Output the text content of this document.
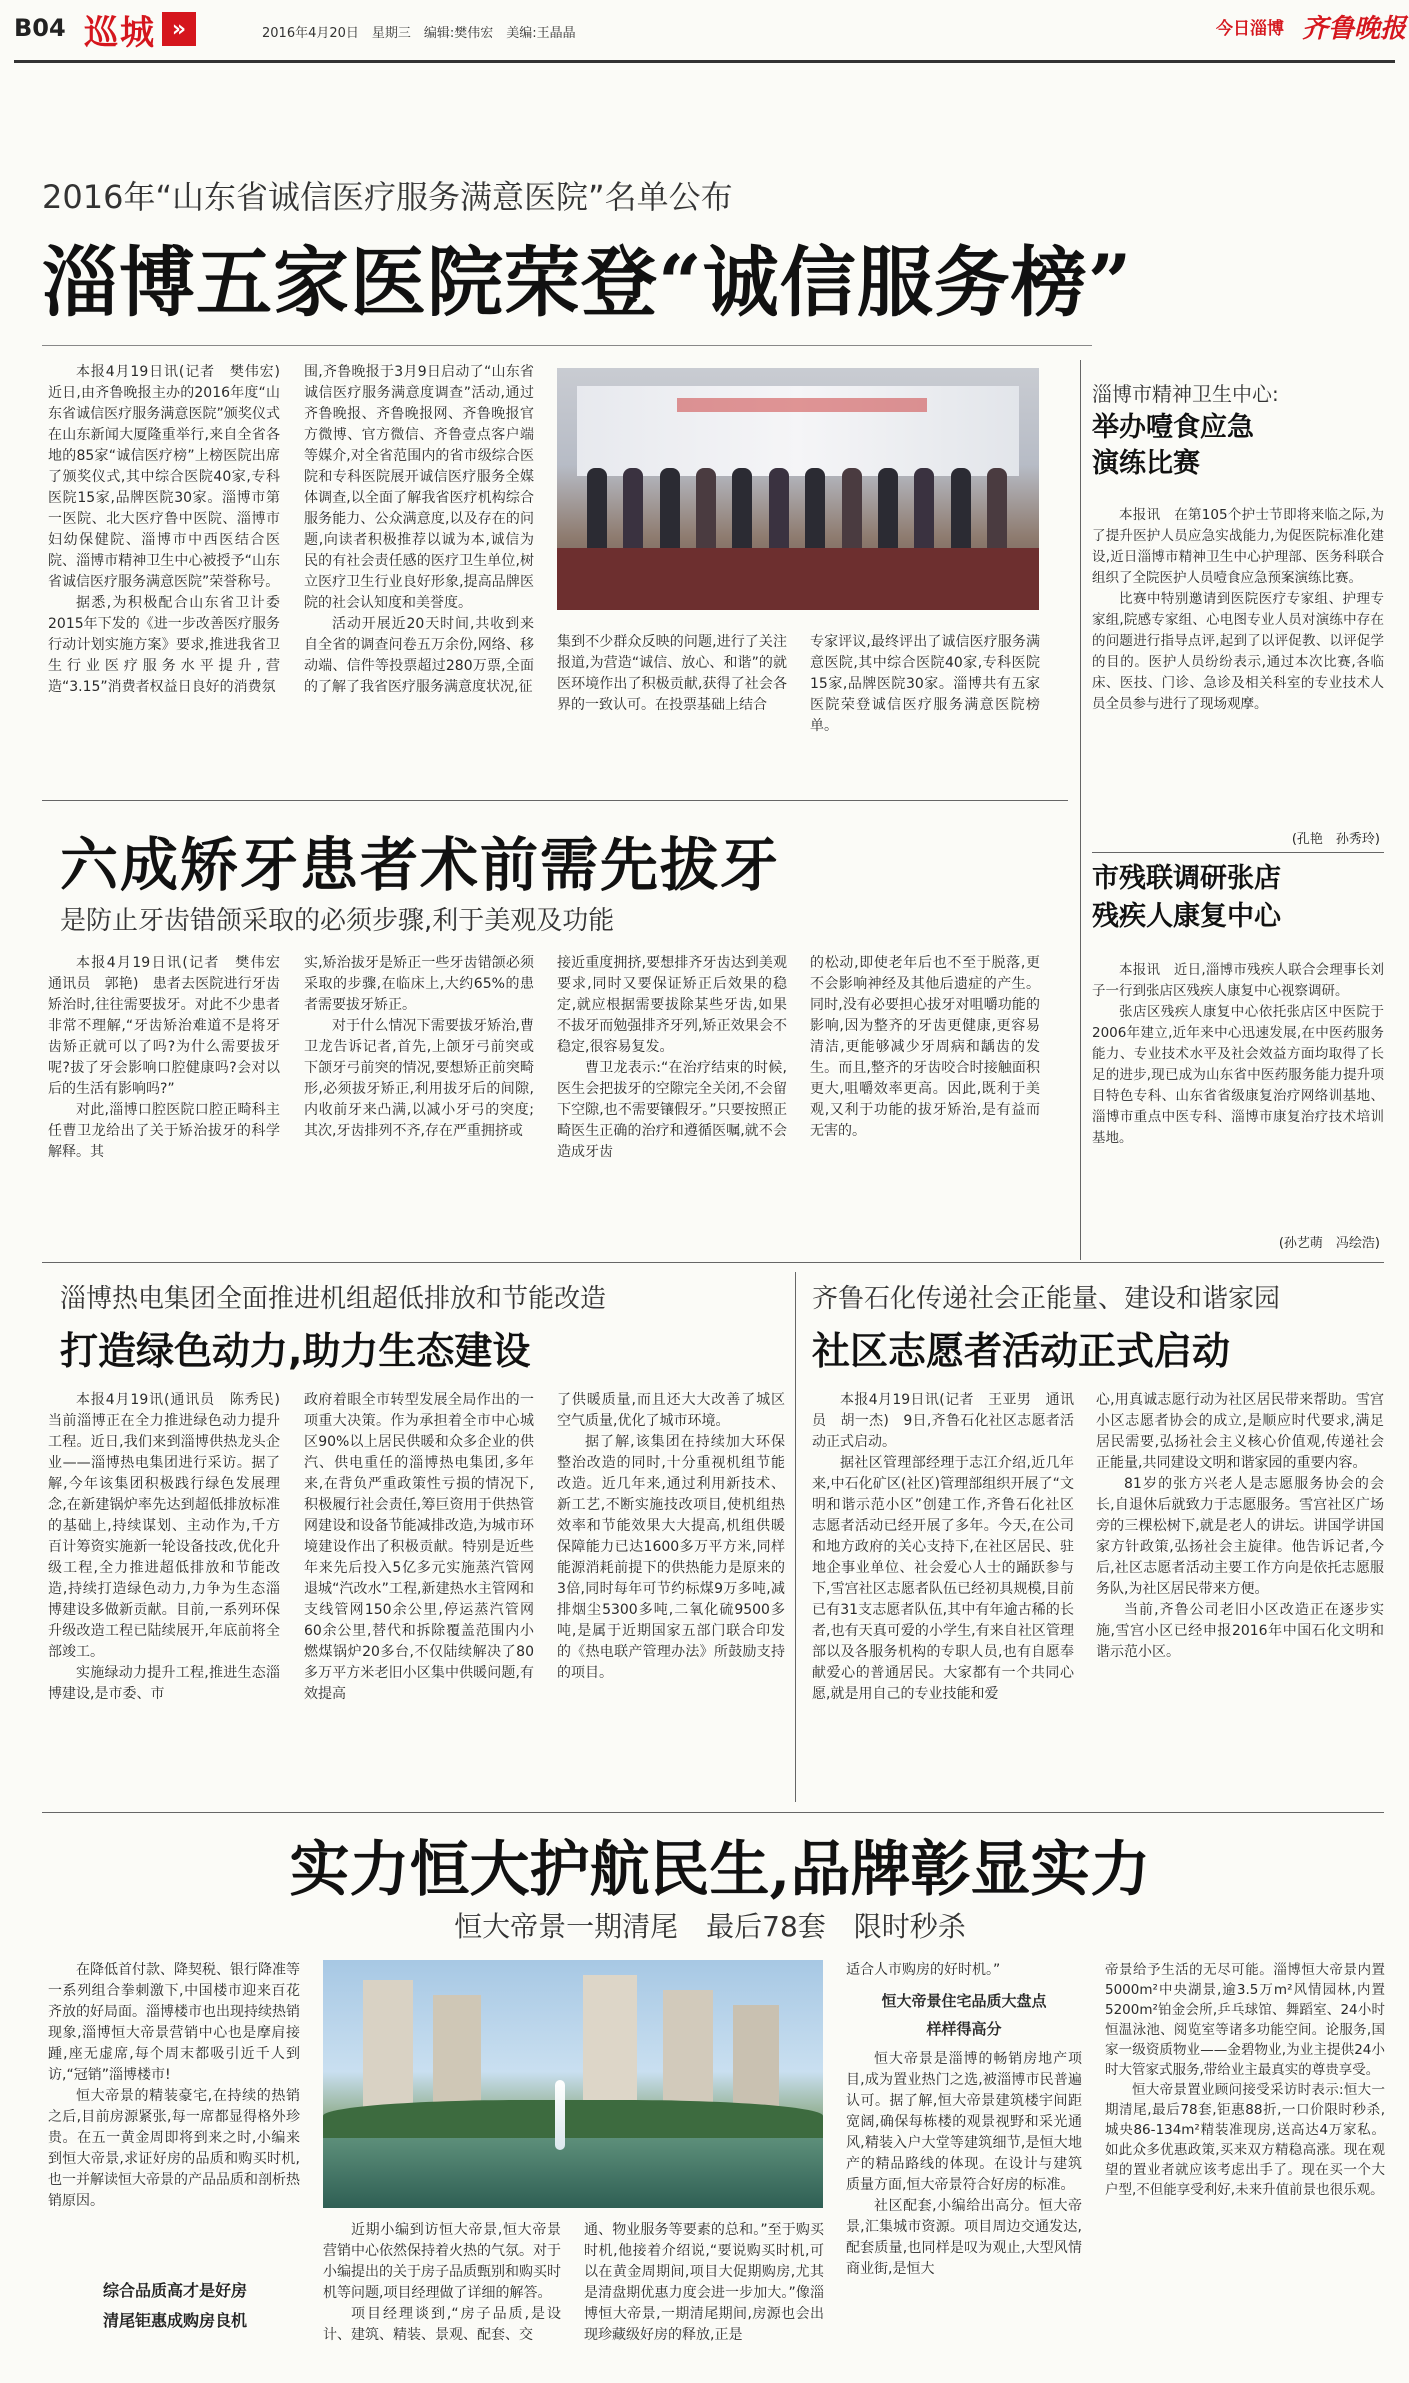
B04 巡城 »	2016年4月20日　星期三　编辑:樊伟宏　美编:王晶晶	今日淄博 齐鲁晚报
2016年“山东省诚信医疗服务满意医院”名单公布
淄博五家医院荣登“诚信服务榜”

本报4月19日讯(记者　樊伟宏)　近日,由齐鲁晚报主办的2016年度“山东省诚信医疗服务满意医院”颁奖仪式在山东新闻大厦隆重举行,来自全省各地的85家“诚信医疗榜”上榜医院出席了颁奖仪式,其中综合医院40家,专科医院15家,品牌医院30家。淄博市第一医院、北大医疗鲁中医院、淄博市妇幼保健院、淄博市中西医结合医院、淄博市精神卫生中心被授予“山东省诚信医疗服务满意医院”荣誉称号。

据悉,为积极配合山东省卫计委2015年下发的《进一步改善医疗服务行动计划实施方案》要求,推进我省卫生行业医疗服务水平提升,营造“3.15”消费者权益日良好的消费氛

围,齐鲁晚报于3月9日启动了“山东省诚信医疗服务满意度调查”活动,通过齐鲁晚报、齐鲁晚报网、齐鲁晚报官方微博、官方微信、齐鲁壹点客户端等媒介,对全省范围内的省市级综合医院和专科医院展开诚信医疗服务全媒体调查,以全面了解我省医疗机构综合服务能力、公众满意度,以及存在的问题,向读者积极推荐以诚为本,诚信为民的有社会责任感的医疗卫生单位,树立医疗卫生行业良好形象,提高品牌医院的社会认知度和美誉度。

活动开展近20天时间,共收到来自全省的调查问卷五万余份,网络、移动端、信件等投票超过280万票,全面的了解了我省医疗服务满意度状况,征

集到不少群众反映的问题,进行了关注报道,为营造“诚信、放心、和谐”的就医环境作出了积极贡献,获得了社会各界的一致认可。在投票基础上结合

专家评议,最终评出了诚信医疗服务满意医院,其中综合医院40家,专科医院15家,品牌医院30家。淄博共有五家医院荣登诚信医疗服务满意医院榜单。

淄博市精神卫生中心:
举办噎食应急
演练比赛

本报讯　在第105个护士节即将来临之际,为了提升医护人员应急实战能力,为促医院标准化建设,近日淄博市精神卫生中心护理部、医务科联合组织了全院医护人员噎食应急预案演练比赛。

比赛中特别邀请到医院医疗专家组、护理专家组,院感专家组、心电图专业人员对演练中存在的问题进行指导点评,起到了以评促教、以评促学的目的。医护人员纷纷表示,通过本次比赛,各临床、医技、门诊、急诊及相关科室的专业技术人员全员参与进行了现场观摩。

(孔艳　孙秀玲)
六成矫牙患者术前需先拔牙
是防止牙齿错颌采取的必须步骤,利于美观及功能

本报4月19日讯(记者　樊伟宏　通讯员　郭艳)　患者去医院进行牙齿矫治时,往往需要拔牙。对此不少患者非常不理解,“牙齿矫治难道不是将牙齿矫正就可以了吗?为什么需要拔牙呢?拔了牙会影响口腔健康吗?会对以后的生活有影响吗?”

对此,淄博口腔医院口腔正畸科主任曹卫龙给出了关于矫治拔牙的科学解释。其

实,矫治拔牙是矫正一些牙齿错颌必须采取的步骤,在临床上,大约65%的患者需要拔牙矫正。

对于什么情况下需要拔牙矫治,曹卫龙告诉记者,首先,上颌牙弓前突或下颌牙弓前突的情况,要想矫正前突畸形,必须拔牙矫正,利用拔牙后的间隙,内收前牙来凸满,以减小牙弓的突度;其次,牙齿排列不齐,存在严重拥挤或

接近重度拥挤,要想排齐牙齿达到美观要求,同时又要保证矫正后效果的稳定,就应根据需要拔除某些牙齿,如果不拔牙而勉强排齐牙列,矫正效果会不稳定,很容易复发。

曹卫龙表示:“在治疗结束的时候,医生会把拔牙的空隙完全关闭,不会留下空隙,也不需要镶假牙。”只要按照正畸医生正确的治疗和遵循医嘱,就不会造成牙齿

的松动,即使老年后也不至于脱落,更不会影响神经及其他后遗症的产生。同时,没有必要担心拔牙对咀嚼功能的影响,因为整齐的牙齿更健康,更容易清洁,更能够减少牙周病和龋齿的发生。而且,整齐的牙齿咬合时接触面积更大,咀嚼效率更高。因此,既利于美观,又利于功能的拔牙矫治,是有益而无害的。

市残联调研张店
残疾人康复中心

本报讯　近日,淄博市残疾人联合会理事长刘子一行到张店区残疾人康复中心视察调研。

张店区残疾人康复中心依托张店区中医院于2006年建立,近年来中心迅速发展,在中医药服务能力、专业技术水平及社会效益方面均取得了长足的进步,现已成为山东省中医药服务能力提升项目特色专科、山东省省级康复治疗网络训基地、淄博市重点中医专科、淄博市康复治疗技术培训基地。

(孙艺萌　冯绘浩)
淄博热电集团全面推进机组超低排放和节能改造
打造绿色动力,助力生态建设

本报4月19讯(通讯员　陈秀民)　当前淄博正在全力推进绿色动力提升工程。近日,我们来到淄博供热龙头企业——淄博热电集团进行采访。据了解,今年该集团积极践行绿色发展理念,在新建锅炉率先达到超低排放标准的基础上,持续谋划、主动作为,千方百计筹资实施新一轮设备技改,优化升级工程,全力推进超低排放和节能改造,持续打造绿色动力,力争为生态淄博建设多做新贡献。目前,一系列环保升级改造工程已陆续展开,年底前将全部竣工。

实施绿动力提升工程,推进生态淄博建设,是市委、市

政府着眼全市转型发展全局作出的一项重大决策。作为承担着全市中心城区90%以上居民供暖和众多企业的供汽、供电重任的淄博热电集团,多年来,在背负严重政策性亏损的情况下,积极履行社会责任,筹巨资用于供热管网建设和设备节能减排改造,为城市环境建设作出了积极贡献。特别是近些年来先后投入5亿多元实施蒸汽管网退城“汽改水”工程,新建热水主管网和支线管网150余公里,停运蒸汽管网60余公里,替代和拆除覆盖范围内小燃煤锅炉20多台,不仅陆续解决了80多万平方米老旧小区集中供暖问题,有效提高

了供暖质量,而且还大大改善了城区空气质量,优化了城市环境。

据了解,该集团在持续加大环保整治改造的同时,十分重视机组节能改造。近几年来,通过利用新技术、新工艺,不断实施技改项目,使机组热效率和节能效果大大提高,机组供暖保障能力已达1600多万平方米,同样能源消耗前提下的供热能力是原来的3倍,同时每年可节约标煤9万多吨,减排烟尘5300多吨,二氧化硫9500多吨,是属于近期国家五部门联合印发的《热电联产管理办法》所鼓励支持的项目。

齐鲁石化传递社会正能量、建设和谐家园
社区志愿者活动正式启动

本报4月19日讯(记者　王亚男　通讯员　胡一杰)　9日,齐鲁石化社区志愿者活动正式启动。

据社区管理部经理于志江介绍,近几年来,中石化矿区(社区)管理部组织开展了“文明和谐示范小区”创建工作,齐鲁石化社区志愿者活动已经开展了多年。今天,在公司和地方政府的关心支持下,在社区居民、驻地企事业单位、社会爱心人士的踊跃参与下,雪宫社区志愿者队伍已经初具规模,目前已有31支志愿者队伍,其中有年逾古稀的长者,也有天真可爱的小学生,有来自社区管理部以及各服务机构的专职人员,也有自愿奉献爱心的普通居民。大家都有一个共同心愿,就是用自己的专业技能和爱

心,用真诚志愿行动为社区居民带来帮助。雪宫小区志愿者协会的成立,是顺应时代要求,满足居民需要,弘扬社会主义核心价值观,传递社会正能量,共同建设文明和谐家园的重要内容。

81岁的张方兴老人是志愿服务协会的会长,自退休后就致力于志愿服务。雪宫社区广场旁的三棵松树下,就是老人的讲坛。讲国学讲国家方针政策,弘扬社会主旋律。他告诉记者,今后,社区志愿者活动主要工作方向是依托志愿服务队,为社区居民带来方便。

当前,齐鲁公司老旧小区改造正在逐步实施,雪宫小区已经申报2016年中国石化文明和谐示范小区。

实力恒大护航民生,品牌彰显实力
恒大帝景一期清尾　最后78套　限时秒杀

在降低首付款、降契税、银行降准等一系列组合拳刺激下,中国楼市迎来百花齐放的好局面。淄博楼市也出现持续热销现象,淄博恒大帝景营销中心也是摩肩接踵,座无虚席,每个周末都吸引近千人到访,“冠销”淄博楼市!

恒大帝景的精装豪宅,在持续的热销之后,目前房源紧张,每一席都显得格外珍贵。在五一黄金周即将到来之时,小编来到恒大帝景,求证好房的品质和购买时机,也一并解读恒大帝景的产品品质和剖析热销原因。

综合品质高才是好房
清尾钜惠成购房良机

近期小编到访恒大帝景,恒大帝景营销中心依然保持着火热的气氛。对于小编提出的关于房子品质甄别和购买时机等问题,项目经理做了详细的解答。

项目经理谈到,“房子品质,是设计、建筑、精装、景观、配套、交

通、物业服务等要素的总和。”至于购买时机,他接着介绍说,“要说购买时机,可以在黄金周期间,项目大促期购房,尤其是清盘期优惠力度会进一步加大。”像淄博恒大帝景,一期清尾期间,房源也会出现珍藏级好房的释放,正是

适合人市购房的好时机。”

恒大帝景住宅品质大盘点
样样得高分

恒大帝景是淄博的畅销房地产项目,成为置业热门之选,被淄博市民普遍认可。据了解,恒大帝景建筑楼宇间距宽阔,确保每栋楼的观景视野和采光通风,精装入户大堂等建筑细节,是恒大地产的精品路线的体现。在设计与建筑质量方面,恒大帝景符合好房的标准。

社区配套,小编给出高分。恒大帝景,汇集城市资源。项目周边交通发达,配套质量,也同样是叹为观止,大型风情商业街,是恒大

帝景给予生活的无尽可能。淄博恒大帝景内置5000m²中央湖景,逾3.5万m²风情园林,内置5200m²铂金会所,乒乓球馆、舞蹈室、24小时恒温泳池、阅览室等诸多功能空间。论服务,国家一级资质物业——金碧物业,为业主提供24小时大管家式服务,带给业主最真实的尊贵享受。

恒大帝景置业顾问接受采访时表示:恒大一期清尾,最后78套,钜惠88折,一口价限时秒杀,城央86-134m²精装准现房,送高达4万家私。如此众多优惠政策,买来双方精稳高涨。现在观望的置业者就应该考虑出手了。现在买一个大户型,不但能享受利好,未来升值前景也很乐观。
